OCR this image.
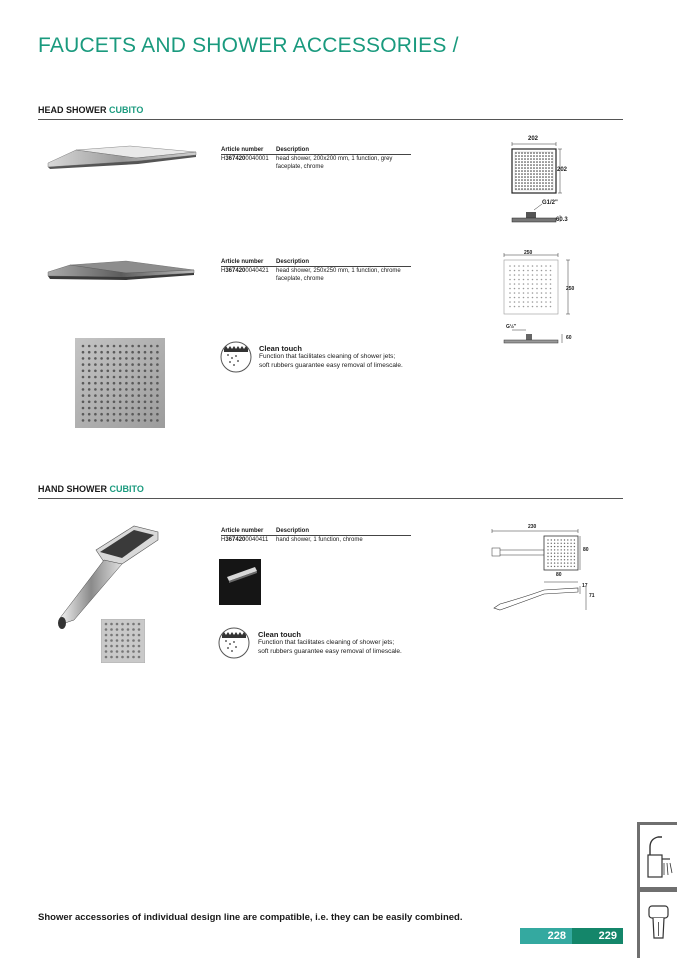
FAUCETS AND SHOWER ACCESSORIES /
HEAD SHOWER CUBITO
Article number	Description
H3674200040001	head shower, 200x200 mm, 1 function, grey
faceplate, chrome
202
202
G1/2"
60.3
Article number	Description
H3674200040421	head shower, 250x250 mm, 1 function, chrome
faceplate, chrome
250
250
G½"
60
Clean touch
Function that facilitates cleaning of shower jets;
soft rubbers guarantee easy removal of limescale.
HAND SHOWER CUBITO
Article number	Description
H3674200040411	hand shower, 1 function, chrome
230
80
80
17
71
Clean touch
Function that facilitates cleaning of shower jets;
soft rubbers guarantee easy removal of limescale.
Shower accessories of individual design line are compatible, i.e. they can be easily combined.
228	229
